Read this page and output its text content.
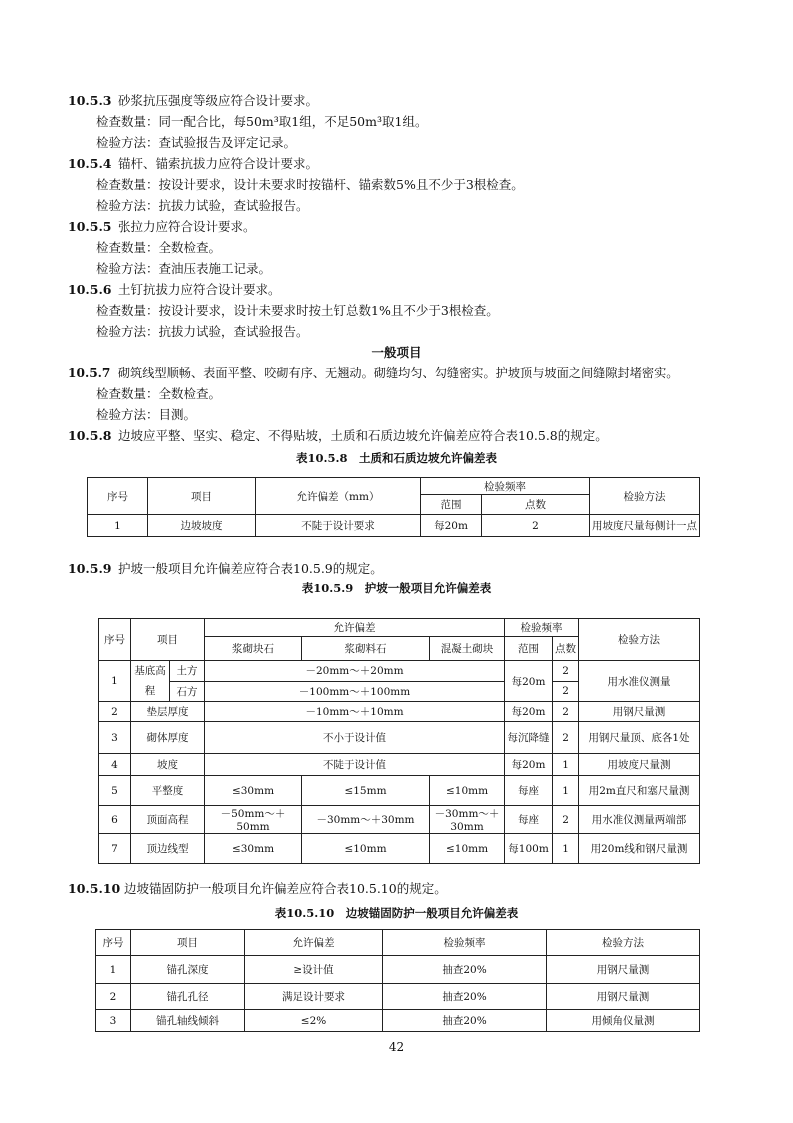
10.5.3 砂浆抗压强度等级应符合设计要求。
检查数量：同一配合比，每50m³取1组，不足50m³取1组。
检验方法：查试验报告及评定记录。
10.5.4 锚杆、锚索抗拔力应符合设计要求。
检查数量：按设计要求，设计未要求时按锚杆、锚索数5%且不少于3根检查。
检验方法：抗拔力试验，查试验报告。
10.5.5 张拉力应符合设计要求。
检查数量：全数检查。
检验方法：查油压表施工记录。
10.5.6 土钉抗拔力应符合设计要求。
检查数量：按设计要求，设计未要求时按土钉总数1%且不少于3根检查。
检验方法：抗拔力试验，查试验报告。
一般项目
10.5.7 砌筑线型顺畅、表面平整、咬砌有序、无翘动。砌缝均匀、勾缝密实。护坡顶与坡面之间缝隙封堵密实。
检查数量：全数检查。
检验方法：目测。
10.5.8 边坡应平整、坚实、稳定、不得贴坡，土质和石质边坡允许偏差应符合表10.5.8的规定。
表10.5.8　土质和石质边坡允许偏差表
序号	项目	允许偏差（mm）	检验频率		检验方法
			范围	点数	
1	边坡坡度	不陡于设计要求	每20m	2	用坡度尺量每侧计一点
10.5.9 护坡一般项目允许偏差应符合表10.5.9的规定。
表10.5.9　护坡一般项目允许偏差表
序号	项目		允许偏差			检验频率		检验方法
			浆砌块石	浆砌料石	混凝土砌块	范围	点数	
1	基底高程	土方	－20mm～＋20mm			每20m	2	用水准仪测量
		石方	－100mm～＋100mm				2	
2	垫层厚度		－10mm～＋10mm			每20m	2	用钢尺量测
3	砌体厚度		不小于设计值			每沉降缝	2	用钢尺量顶、底各1处
4	坡度		不陡于设计值			每20m	1	用坡度尺量测
5	平整度		≤30mm	≤15mm	≤10mm	每座	1	用2m直尺和塞尺量测
6	顶面高程		－50mm～＋50mm	－30mm～＋30mm	－30mm～＋30mm	每座	2	用水准仪测量两端部
7	顶边线型		≤30mm	≤10mm	≤10mm	每100m	1	用20m线和钢尺量测
10.5.10 边坡锚固防护一般项目允许偏差应符合表10.5.10的规定。
表10.5.10　边坡锚固防护一般项目允许偏差表
序号	项目	允许偏差	检验频率	检验方法
1	锚孔深度	≥设计值	抽查20%	用钢尺量测
2	锚孔孔径	满足设计要求	抽查20%	用钢尺量测
3	锚孔轴线倾斜	≤2%	抽查20%	用倾角仪量测
42
